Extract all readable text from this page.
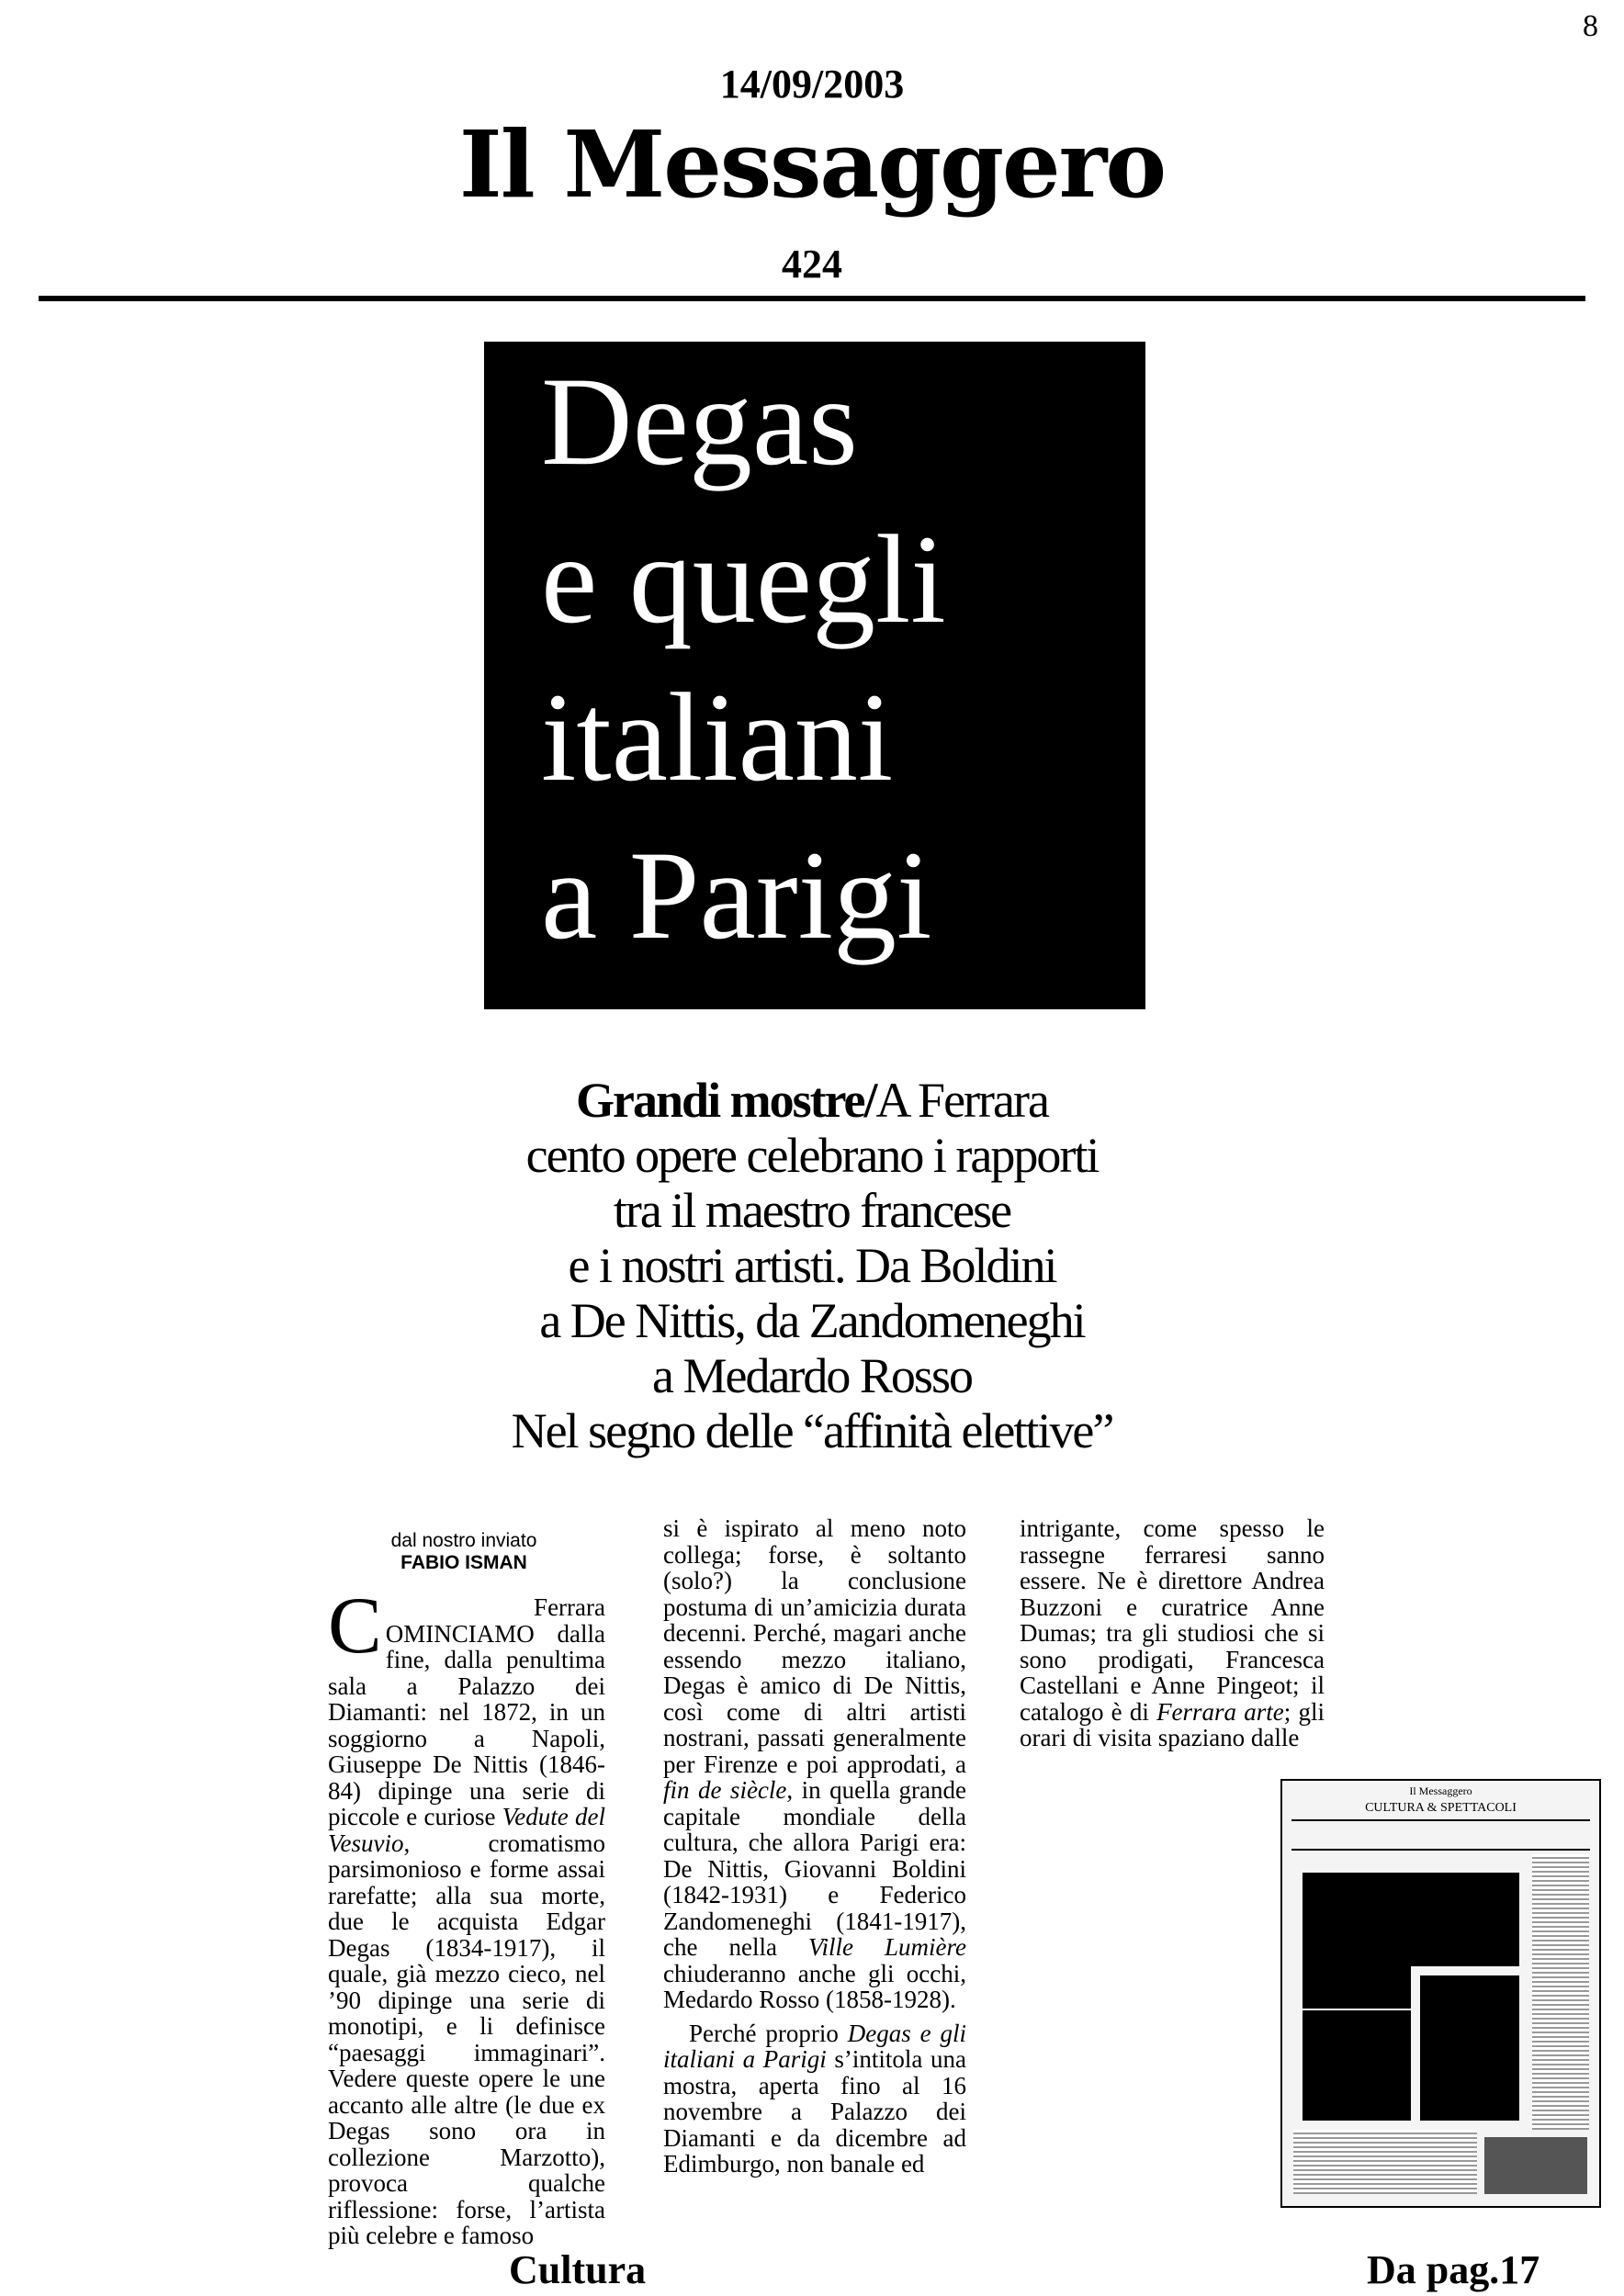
8
14/09/2003
Il Messaggero
424
Degas
e quegli
italiani
a Parigi
Grandi mostre/A Ferrara
cento opere celebrano i rapporti
tra il maestro francese
e i nostri artisti. Da Boldini
a De Nittis, da Zandomeneghi
a Medardo Rosso
Nel segno delle “affinità elettive”
dal nostro inviato
FABIO ISMAN

C	Ferrara
OMINCIAMO dalla fine, dalla penultima sala a Palazzo dei Diamanti: nel 1872, in un soggiorno a Napoli, Giuseppe De Nittis (1846-84) dipinge una serie di piccole e curiose Vedute del Vesuvio, cromatismo parsimonioso e forme assai rarefatte; alla sua morte, due le acquista Edgar Degas (1834-1917), il quale, già mezzo cieco, nel ’90 dipinge una serie di monotipi, e li definisce “paesaggi immaginari”. Vedere queste opere le une accanto alle altre (le due ex Degas sono ora in collezione Marzotto), provoca qualche riflessione: forse, l’artista più celebre e famoso

si è ispirato al meno noto collega; forse, è soltanto (solo?) la conclusione postuma di un’amicizia durata decenni. Perché, magari anche essendo mezzo italiano, Degas è amico di De Nittis, così come di altri artisti nostrani, passati generalmente per Firenze e poi approdati, a fin de siècle, in quella grande capitale mondiale della cultura, che allora Parigi era: De Nittis, Giovanni Boldini (1842-1931) e Federico Zandomeneghi (1841-1917), che nella Ville Lumière chiuderanno anche gli occhi, Medardo Rosso (1858-1928).

Perché proprio Degas e gli italiani a Parigi s’intitola una mostra, aperta fino al 16 novembre a Palazzo dei Diamanti e da dicembre ad Edimburgo, non banale ed

intrigante, come spesso le rassegne ferraresi sanno essere. Ne è direttore Andrea Buzzoni e curatrice Anne Dumas; tra gli studiosi che si sono prodigati, Francesca Castellani e Anne Pingeot; il catalogo è di Ferrara arte; gli orari di visita spaziano dalle

Il Messaggero
CULTURA & SPETTACOLI
Cultura	Da pag.17
